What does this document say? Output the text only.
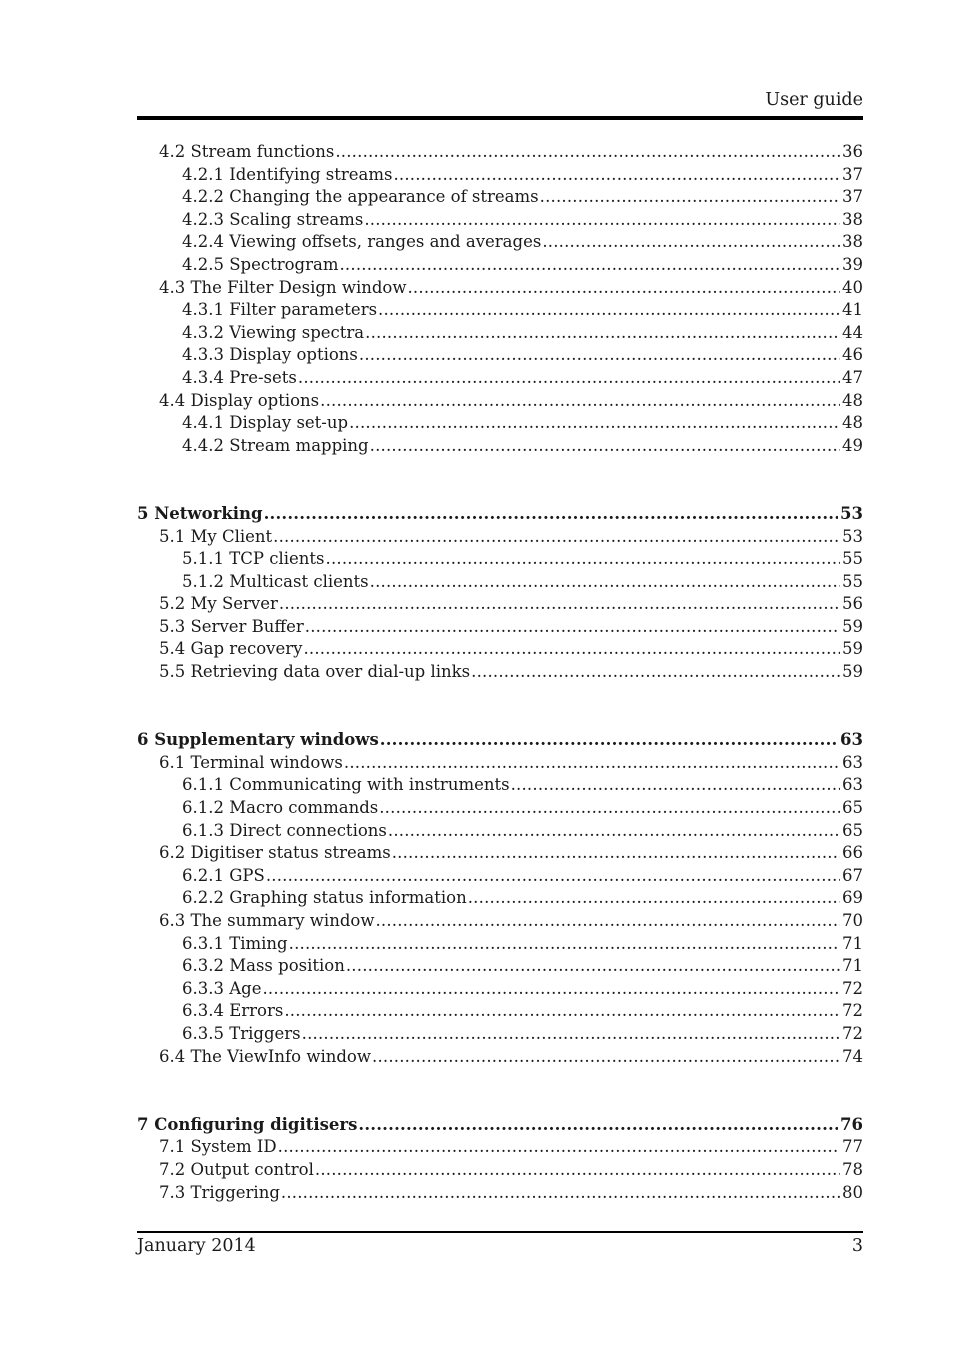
User guide
4.2 Stream functions .....	36
4.2.1 Identifying streams .....	37
4.2.2 Changing the appearance of streams .....	37
4.2.3 Scaling streams .....	38
4.2.4 Viewing offsets, ranges and averages .....	38
4.2.5 Spectrogram .....	39
4.3 The Filter Design window .....	40
4.3.1 Filter parameters .....	41
4.3.2 Viewing spectra .....	44
4.3.3 Display options .....	46
4.3.4 Pre-sets .....	47
4.4 Display options .....	48
4.4.1 Display set-up .....	48
4.4.2 Stream mapping .....	49
5 Networking .....	53
5.1 My Client .....	53
5.1.1 TCP clients .....	55
5.1.2 Multicast clients .....	55
5.2 My Server .....	56
5.3 Server Buffer .....	59
5.4 Gap recovery .....	59
5.5 Retrieving data over dial-up links .....	59
6 Supplementary windows .....	63
6.1 Terminal windows .....	63
6.1.1 Communicating with instruments .....	63
6.1.2 Macro commands .....	65
6.1.3 Direct connections .....	65
6.2 Digitiser status streams .....	66
6.2.1 GPS .....	67
6.2.2 Graphing status information .....	69
6.3 The summary window .....	70
6.3.1 Timing .....	71
6.3.2 Mass position .....	71
6.3.3 Age .....	72
6.3.4 Errors .....	72
6.3.5 Triggers .....	72
6.4 The ViewInfo window .....	74
7 Configuring digitisers .....	76
7.1 System ID .....	77
7.2 Output control .....	78
7.3 Triggering .....	80
January 2014	3
